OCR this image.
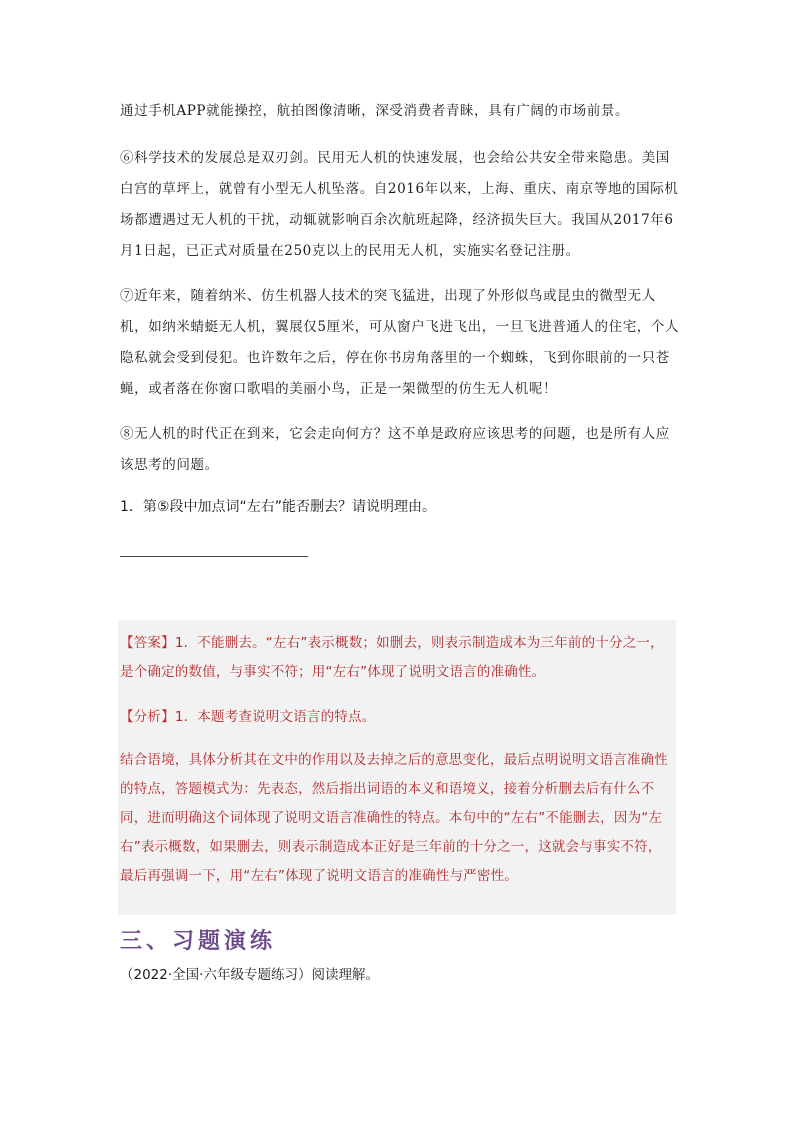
通过手机APP就能操控，航拍图像清晰，深受消费者青睐，具有广阔的市场前景。

⑥科学技术的发展总是双刃剑。民用无人机的快速发展，也会给公共安全带来隐患。美国白宫的草坪上，就曾有小型无人机坠落。自2016年以来，上海、重庆、南京等地的国际机场都遭遇过无人机的干扰，动辄就影响百余次航班起降，经济损失巨大。我国从2017年6月1日起，已正式对质量在250克以上的民用无人机，实施实名登记注册。

⑦近年来，随着纳米、仿生机器人技术的突飞猛进，出现了外形似鸟或昆虫的微型无人机，如纳米蜻蜓无人机，翼展仅5厘米，可从窗户飞进飞出，一旦飞进普通人的住宅，个人隐私就会受到侵犯。也许数年之后，停在你书房角落里的一个蜘蛛，飞到你眼前的一只苍蝇，或者落在你窗口歌唱的美丽小鸟，正是一架微型的仿生无人机呢！

⑧无人机的时代正在到来，它会走向何方？这不单是政府应该思考的问题，也是所有人应该思考的问题。

1．第⑤段中加点词“左右”能否删去？请说明理由。

【答案】1．不能删去。“左右”表示概数；如删去，则表示制造成本为三年前的十分之一，是个确定的数值，与事实不符；用“左右”体现了说明文语言的准确性。

【分析】1．本题考查说明文语言的特点。

结合语境，具体分析其在文中的作用以及去掉之后的意思变化，最后点明说明文语言准确性的特点，答题模式为：先表态，然后指出词语的本义和语境义，接着分析删去后有什么不同，进而明确这个词体现了说明文语言准确性的特点。本句中的“左右”不能删去，因为“左右”表示概数，如果删去，则表示制造成本正好是三年前的十分之一，这就会与事实不符，最后再强调一下，用“左右”体现了说明文语言的准确性与严密性。

三、习题演练

（2022·全国·六年级专题练习）阅读理解。
